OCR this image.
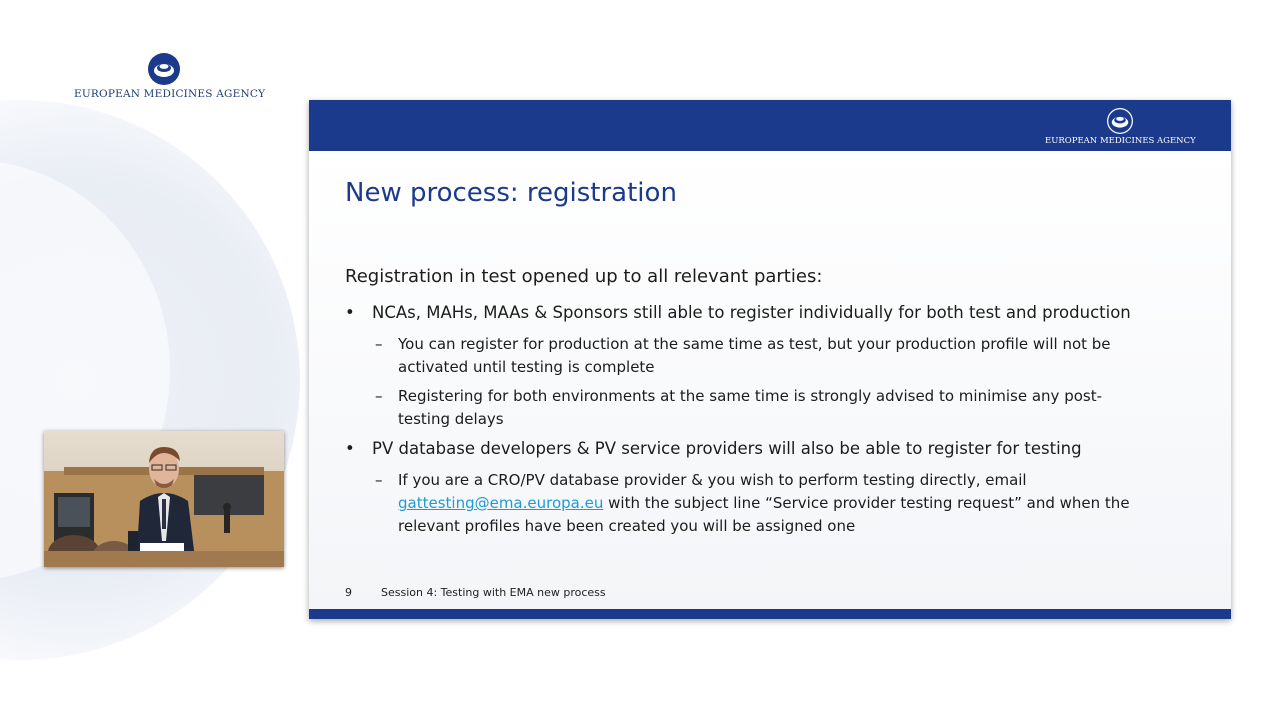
EUROPEAN MEDICINES AGENCY
EUROPEAN MEDICINES AGENCY
New process: registration
Registration in test opened up to all relevant parties:
• NCAs, MAHs, MAAs & Sponsors still able to register individually for both test and production
– You can register for production at the same time as test, but your production profile will not be
activated until testing is complete
– Registering for both environments at the same time is strongly advised to minimise any post-
testing delays
• PV database developers & PV service providers will also be able to register for testing
– If you are a CRO/PV database provider & you wish to perform testing directly, email
gattesting@ema.europa.eu with the subject line “Service provider testing request” and when the
relevant profiles have been created you will be assigned one
9	Session 4: Testing with EMA new process
